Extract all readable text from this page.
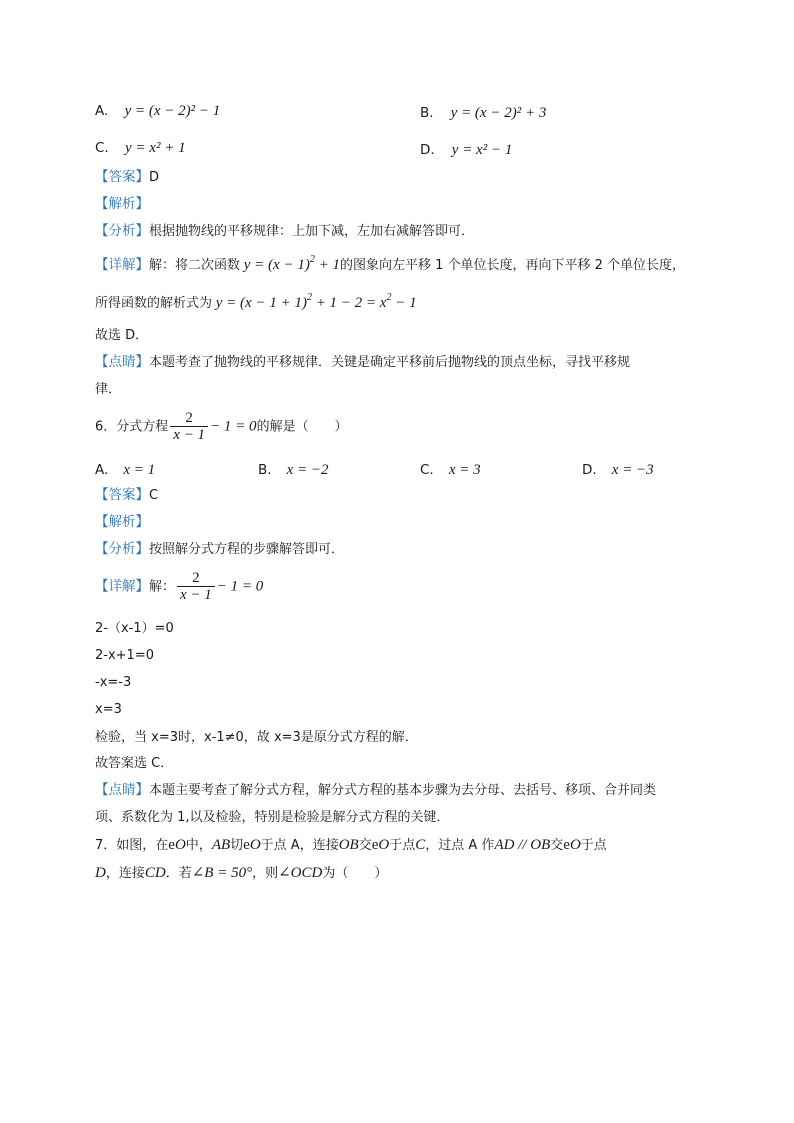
A. y = (x − 2)² − 1	B. y = (x − 2)² + 3
C. y = x² + 1	D. y = x² − 1
【答案】D
【解析】
【分析】根据抛物线的平移规律：上加下减，左加右减解答即可．
【详解】解：将二次函数 $y = (x - 1)^2 + 1$的图象向左平移 1 个单位长度，再向下平移 2 个单位长度，
所得函数的解析式为 $y = (x - 1 + 1)^2 + 1 - 2 = x^2 - 1$
故选 D．
【点睛】本题考查了抛物线的平移规律．关键是确定平移前后抛物线的顶点坐标，寻找平移规
律．
6．分式方程 $\frac{2}{x - 1} - 1 = 0$的解是（　　）
A. x = 1	B. x = −2	C. x = 3	D. x = −3
【答案】C
【解析】
【分析】按照解分式方程的步骤解答即可．
【详解】解： $\frac{2}{x - 1} - 1 = 0$
2-（x-1）=0
2-x+1=0
-x=-3
x=3
检验，当 x=3时，x-1≠0，故 x=3是原分式方程的解．
故答案选 C．
【点睛】本题主要考查了解分式方程，解分式方程的基本步骤为去分母、去括号、移项、合并同类
项、系数化为 1,以及检验，特别是检验是解分式方程的关键．
7．如图，在eO中，AB切eO于点 A，连接OB交eO于点C，过点 A 作AD // OB交eO于点
D，连接CD．若∠B = 50°，则∠OCD为（　　）
